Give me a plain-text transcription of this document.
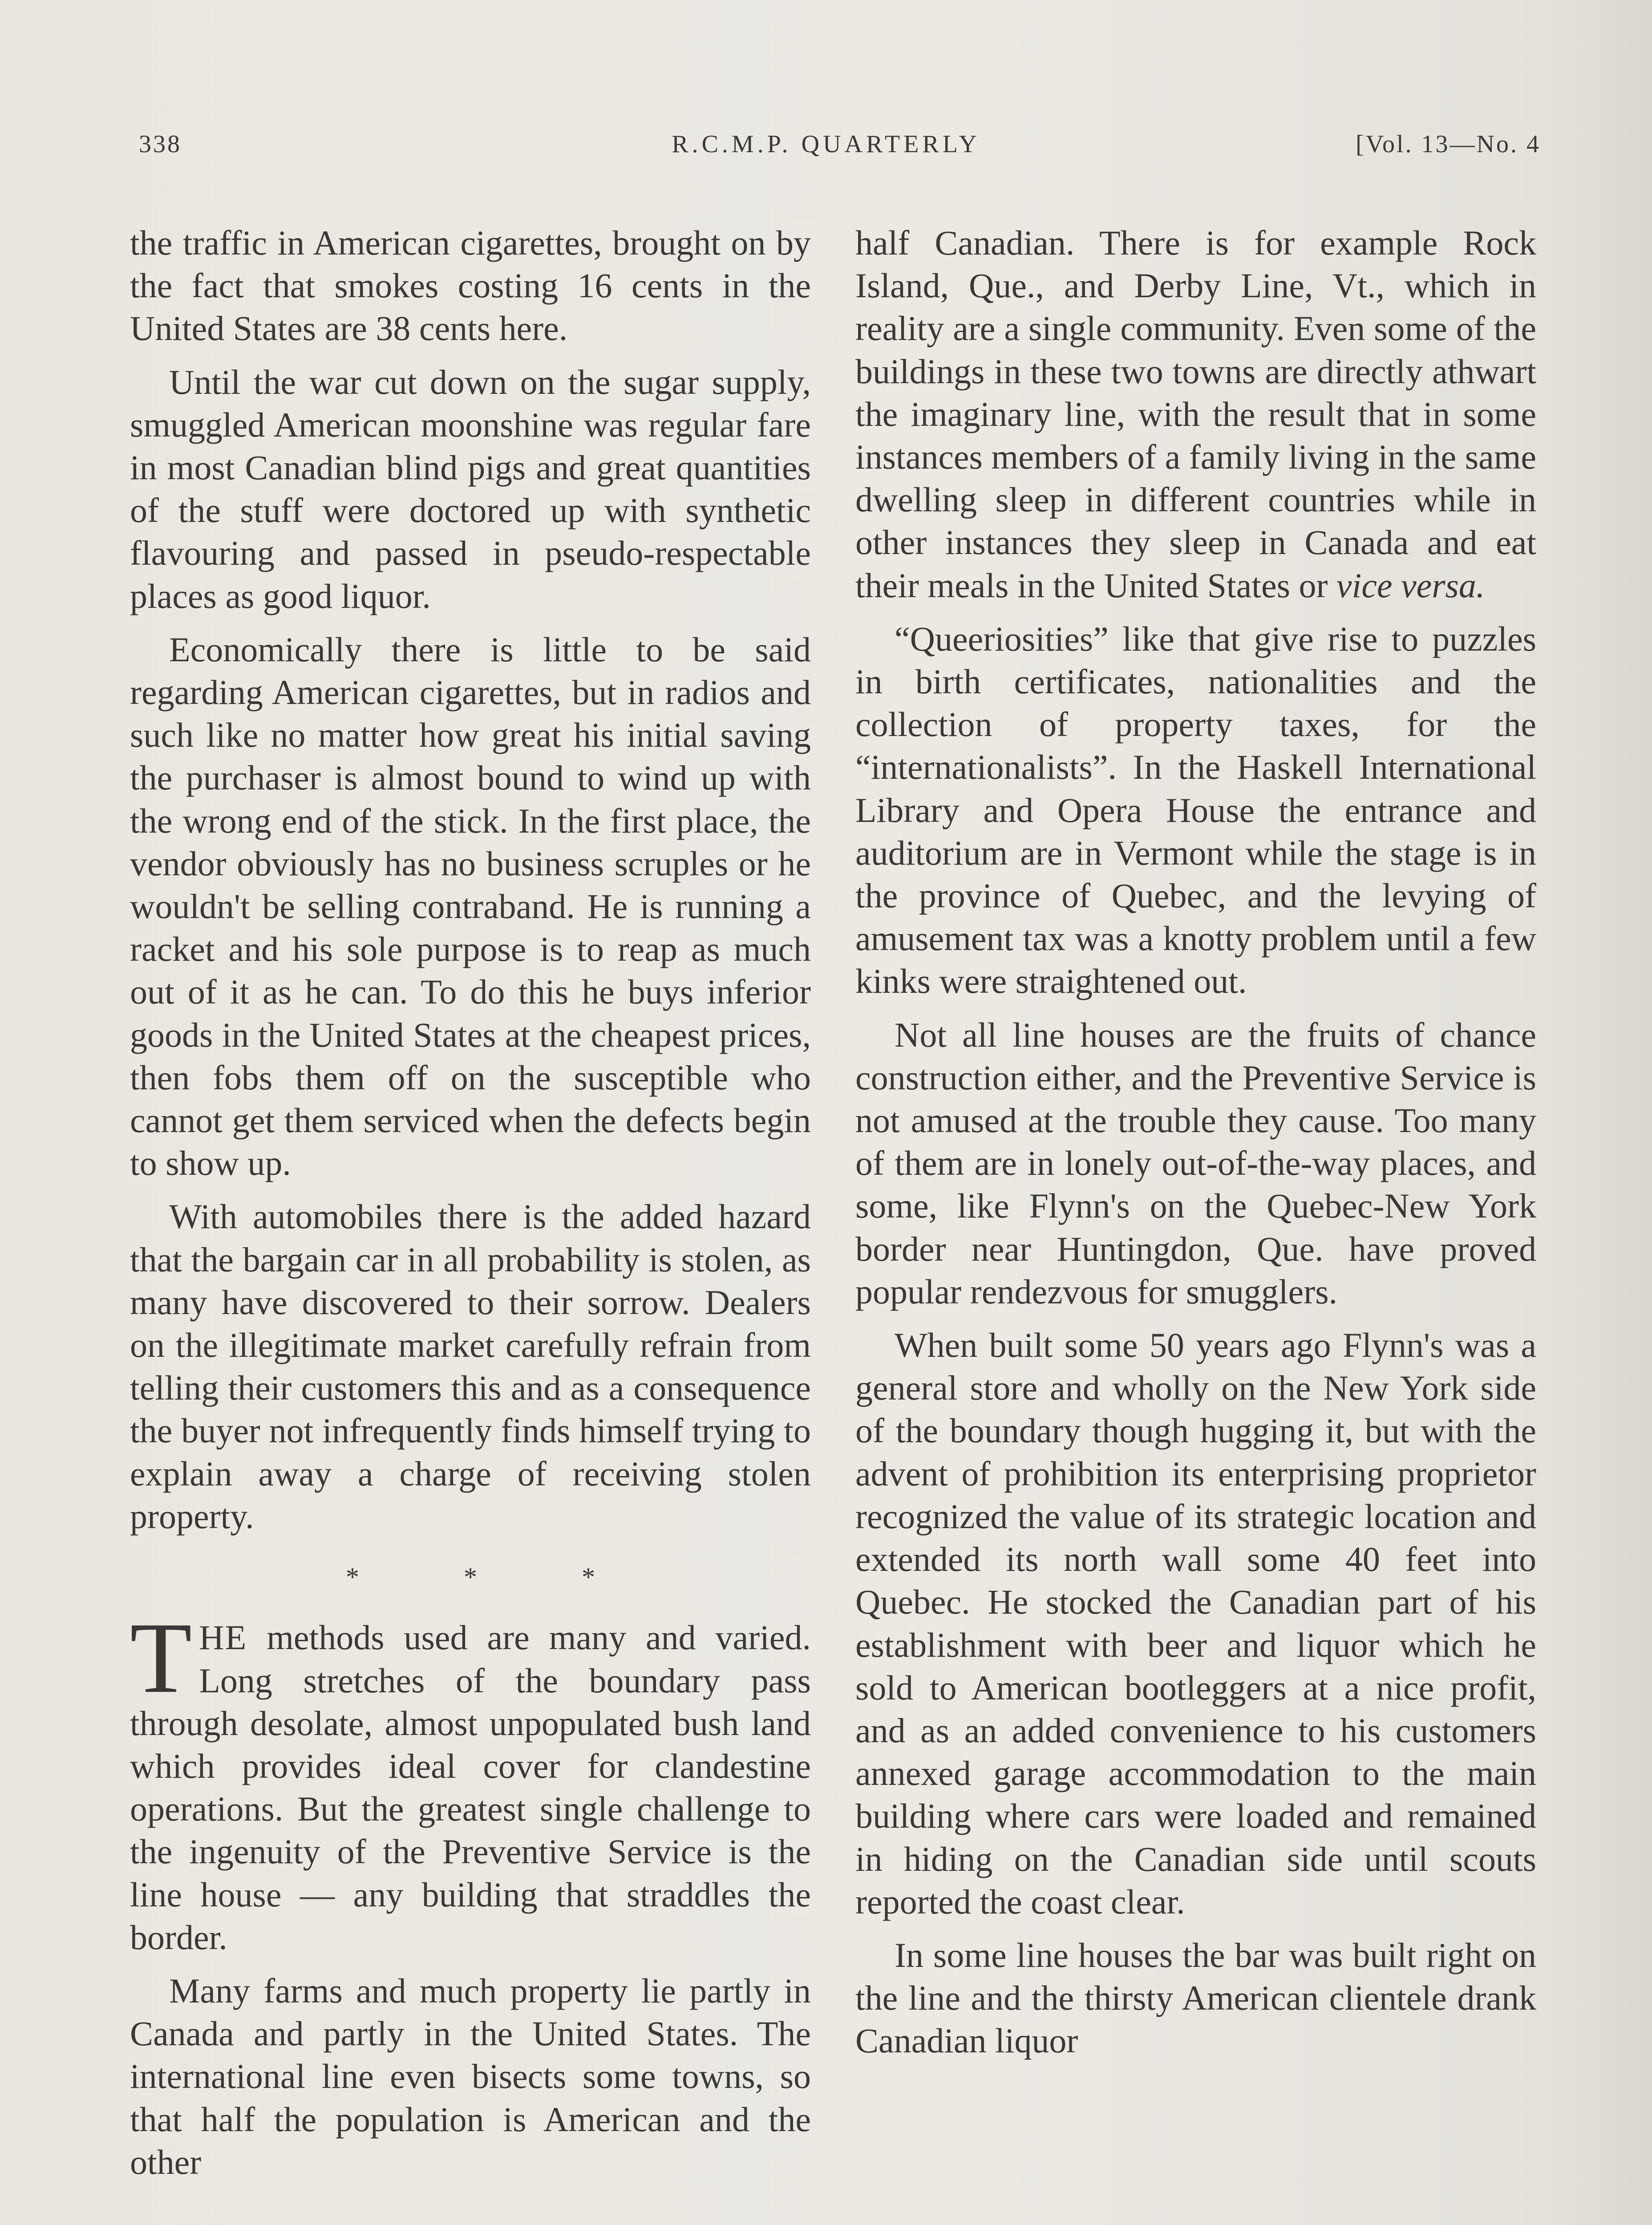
338	R.C.M.P. QUARTERLY	[Vol. 13—No. 4

the traffic in American cigarettes, brought on by the fact that smokes costing 16 cents in the United States are 38 cents here.

Until the war cut down on the sugar supply, smuggled American moonshine was regular fare in most Canadian blind pigs and great quantities of the stuff were doctored up with synthetic flavouring and passed in pseudo-respectable places as good liquor.

Economically there is little to be said regarding American cigarettes, but in radios and such like no matter how great his initial saving the purchaser is almost bound to wind up with the wrong end of the stick. In the first place, the vendor obviously has no business scruples or he wouldn't be selling contraband. He is running a racket and his sole purpose is to reap as much out of it as he can. To do this he buys inferior goods in the United States at the cheapest prices, then fobs them off on the susceptible who cannot get them serviced when the defects begin to show up.

With automobiles there is the added hazard that the bargain car in all probability is stolen, as many have discovered to their sorrow. Dealers on the illegitimate market carefully refrain from telling their customers this and as a consequence the buyer not infrequently finds himself trying to explain away a charge of receiving stolen property.

* * *

THE methods used are many and varied. Long stretches of the boundary pass through desolate, almost unpopulated bush land which provides ideal cover for clandestine operations. But the greatest single challenge to the ingenuity of the Preventive Service is the line house — any building that straddles the border.

Many farms and much property lie partly in Canada and partly in the United States. The international line even bisects some towns, so that half the population is American and the other

half Canadian. There is for example Rock Island, Que., and Derby Line, Vt., which in reality are a single community. Even some of the buildings in these two towns are directly athwart the imaginary line, with the result that in some instances members of a family living in the same dwelling sleep in different countries while in other instances they sleep in Canada and eat their meals in the United States or vice versa.

“Queeriosities” like that give rise to puzzles in birth certificates, nationalities and the collection of property taxes, for the “internationalists”. In the Haskell International Library and Opera House the entrance and auditorium are in Vermont while the stage is in the province of Quebec, and the levying of amusement tax was a knotty problem until a few kinks were straightened out.

Not all line houses are the fruits of chance construction either, and the Preventive Service is not amused at the trouble they cause. Too many of them are in lonely out-of-the-way places, and some, like Flynn's on the Quebec-New York border near Huntingdon, Que. have proved popular rendezvous for smugglers.

When built some 50 years ago Flynn's was a general store and wholly on the New York side of the boundary though hugging it, but with the advent of prohibition its enterprising proprietor recognized the value of its strategic location and extended its north wall some 40 feet into Quebec. He stocked the Canadian part of his establishment with beer and liquor which he sold to American bootleggers at a nice profit, and as an added convenience to his customers annexed garage accommodation to the main building where cars were loaded and remained in hiding on the Canadian side until scouts reported the coast clear.

In some line houses the bar was built right on the line and the thirsty American clientele drank Canadian liquor
